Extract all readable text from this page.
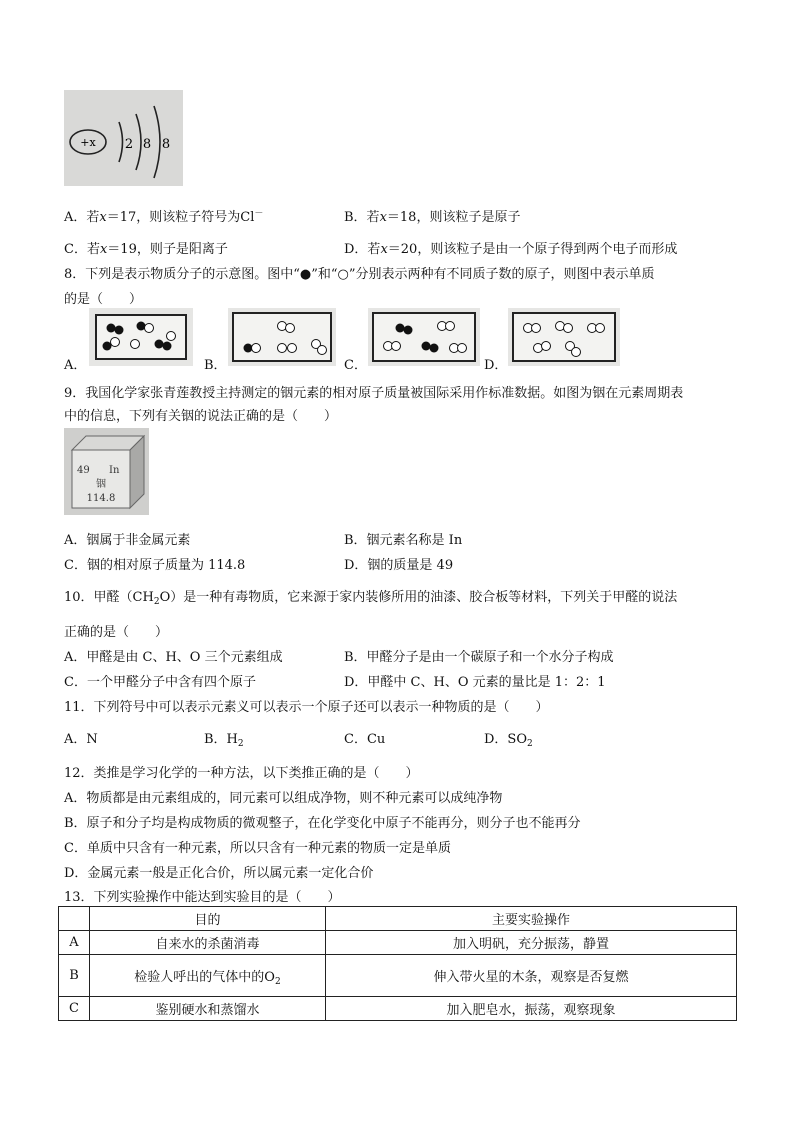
+x 2 8 8
A．若x＝17，则该粒子符号为Cl－	B．若x＝18，则该粒子是原子
C．若x＝19，则子是阳离子	D．若x＝20，则该粒子是由一个原子得到两个电子而形成
8．下列是表示物质分子的示意图。图中“●”和“○”分别表示两种有不同质子数的原子，则图中表示单质
的是（　　）
A．	B．	C．	D．
9．我国化学家张青莲教授主持测定的铟元素的相对原子质量被国际采用作标准数据。如图为铟在元素周期表
中的信息，下列有关铟的说法正确的是（　　）
49 In
铟
114.8
A．铟属于非金属元素	B．铟元素名称是 In
C．铟的相对原子质量为 114.8	D．铟的质量是 49
10．甲醛$(CH_2O)$是一种有毒物质，它来源于家内装修所用的油漆、胶合板等材料，下列关于甲醛的说法
正确的是（　　）
A．甲醛是由 C、H、O 三个元素组成	B．甲醛分子是由一个碳原子和一个水分子构成
C．一个甲醛分子中含有四个原子	D．甲醛中 C、H、O 元素的量比是 1：2：1
11．下列符号中可以表示元素义可以表示一个原子还可以表示一种物质的是（　　）
A．N	B．$H_2$	C．Cu	D．$SO_2$
12．类推是学习化学的一种方法，以下类推正确的是（　　）
A．物质都是由元素组成的，同元素可以组成净物，则不种元素可以成纯净物
B．原子和分子均是构成物质的微观整子，在化学变化中原子不能再分，则分子也不能再分
C．单质中只含有一种元素，所以只含有一种元素的物质一定是单质
D．金属元素一般是正化合价，所以属元素一定化合价
13．下列实验操作中能达到实验目的是（　　）
	目的	主要实验操作
A	自来水的杀菌消毒	加入明矾，充分振荡，静置
B	检验人呼出的气体中的$O_2$	伸入带火星的木条，观察是否复燃
C	鉴别硬水和蒸馏水	加入肥皂水，振荡，观察现象
